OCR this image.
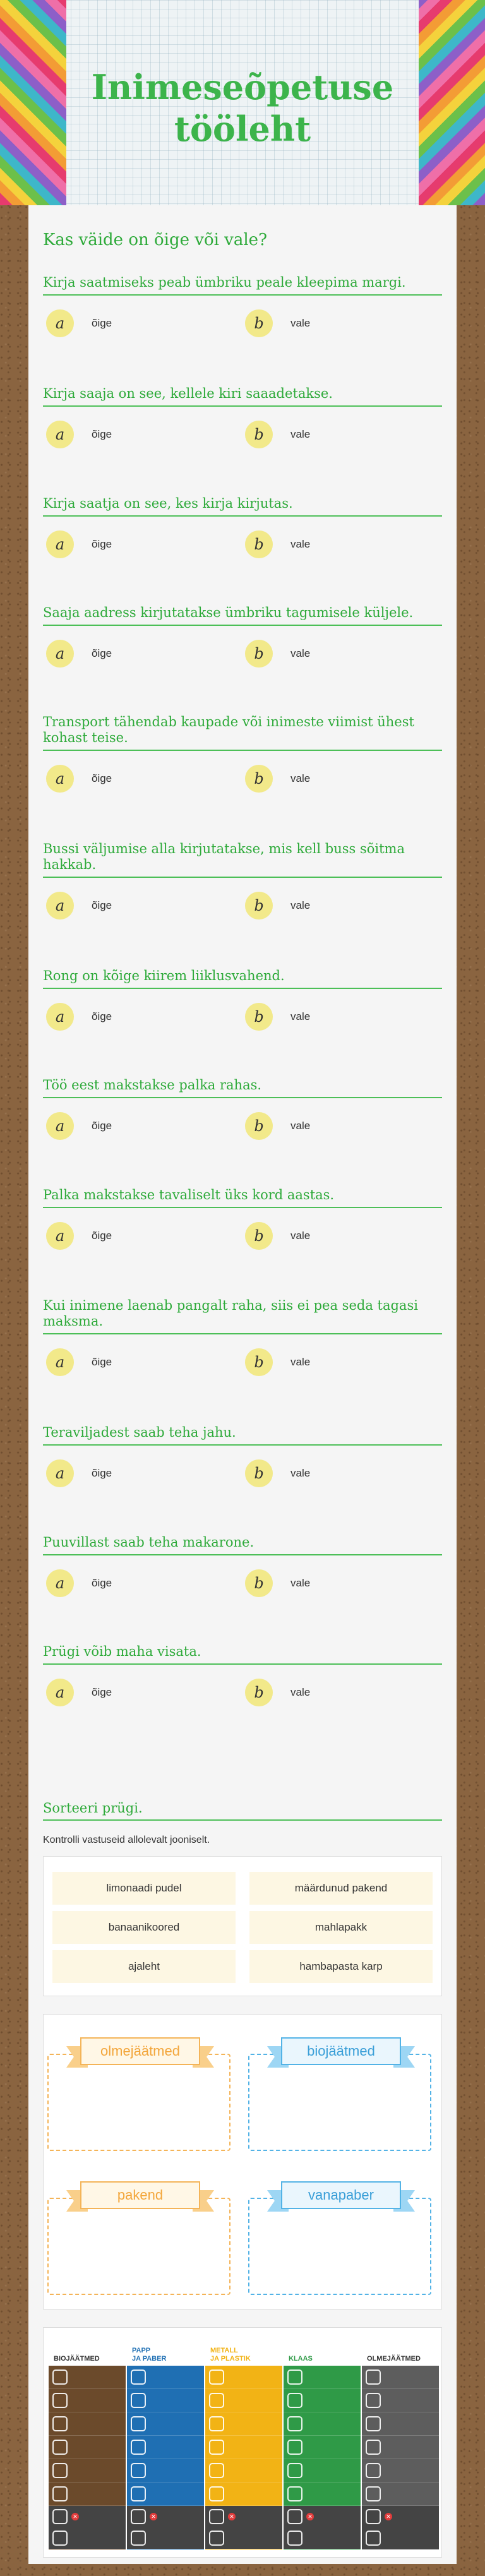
Inimeseõpetuse tööleht
Kas väide on õige või vale?
Kirja saatmiseks peab ümbriku peale kleepima margi.
a	õige	b	vale
Kirja saaja on see, kellele kiri saaadetakse.
a	õige	b	vale
Kirja saatja on see, kes kirja kirjutas.
a	õige	b	vale
Saaja aadress kirjutatakse ümbriku tagumisele küljele.
a	õige	b	vale
Transport tähendab kaupade või inimeste viimist ühest kohast teise.
a	õige	b	vale
Bussi väljumise alla kirjutatakse, mis kell buss sõitma hakkab.
a	õige	b	vale
Rong on kõige kiirem liiklusvahend.
a	õige	b	vale
Töö eest makstakse palka rahas.
a	õige	b	vale
Palka makstakse tavaliselt üks kord aastas.
a	õige	b	vale
Kui inimene laenab pangalt raha, siis ei pea seda tagasi maksma.
a	õige	b	vale
Teraviljadest saab teha jahu.
a	õige	b	vale
Puuvillast saab teha makarone.
a	õige	b	vale
Prügi võib maha visata.
a	õige	b	vale
Sorteeri prügi.
Kontrolli vastuseid allolevalt jooniselt.
limonaadi pudel	määrdunud pakend
banaanikoored	mahlapakk
ajaleht	hambapasta karp
olmejäätmed	biojäätmed
pakend	vanapaber
BIOJÄÄTMED
✕
PAPP
JA PABER
✕
METALL
JA PLASTIK
✕
KLAAS
✕
OLMEJÄÄTMED
✕
